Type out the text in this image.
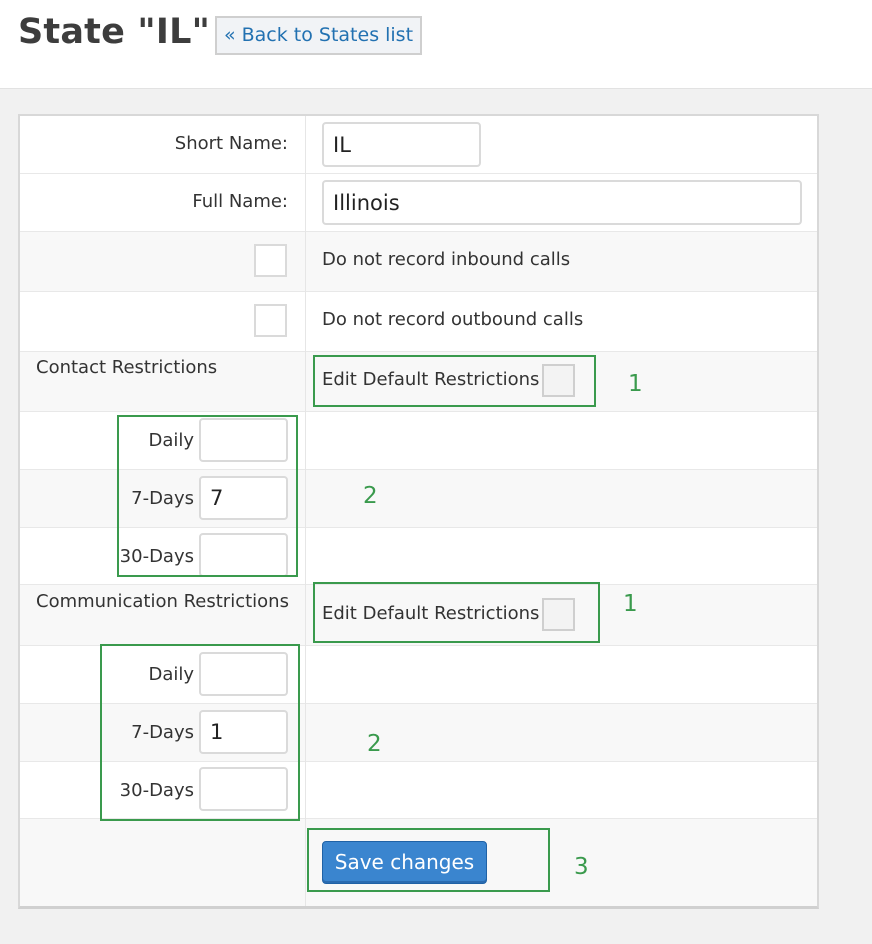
State "IL" « Back to States list
Short Name:	IL
Full Name:	Illinois
Do not record inbound calls
Do not record outbound calls
Contact Restrictions
Edit Default Restrictions
Daily
7-Days 7
30-Days
Communication Restrictions
Edit Default Restrictions
Daily
7-Days 1
30-Days
Save changes
1
2
1
2
3
